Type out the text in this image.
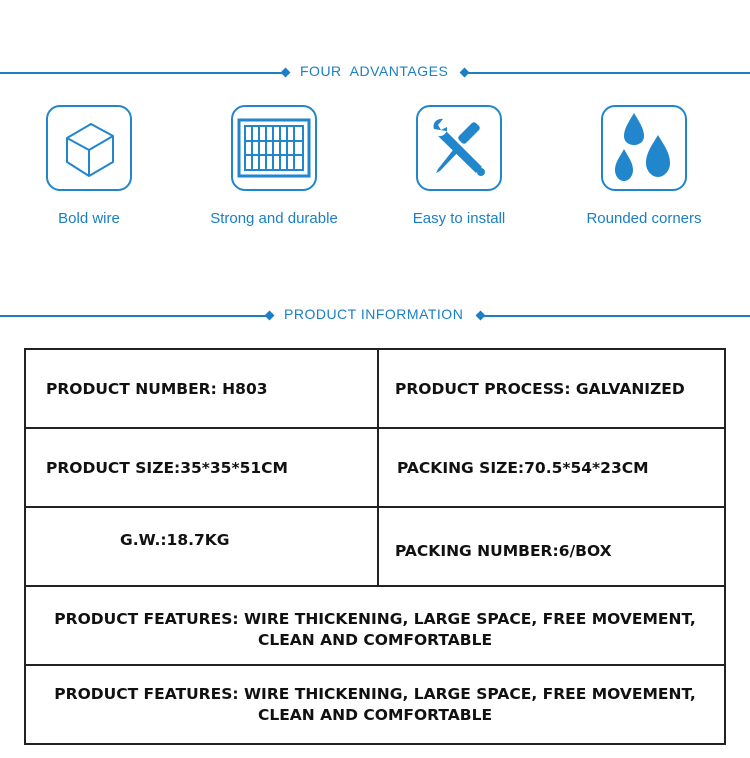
FOUR  ADVANTAGES
Bold wire	Strong and durable	Easy to install	Rounded corners
PRODUCT INFORMATION
PRODUCT NUMBER: H803	PRODUCT PROCESS: GALVANIZED
PRODUCT SIZE:35*35*51CM	PACKING SIZE:70.5*54*23CM
G.W.:18.7KG	PACKING NUMBER:6/BOX

PRODUCT FEATURES: WIRE THICKENING, LARGE SPACE, FREE MOVEMENT,
CLEAN AND COMFORTABLE	

PRODUCT FEATURES: WIRE THICKENING, LARGE SPACE, FREE MOVEMENT,
CLEAN AND COMFORTABLE	
